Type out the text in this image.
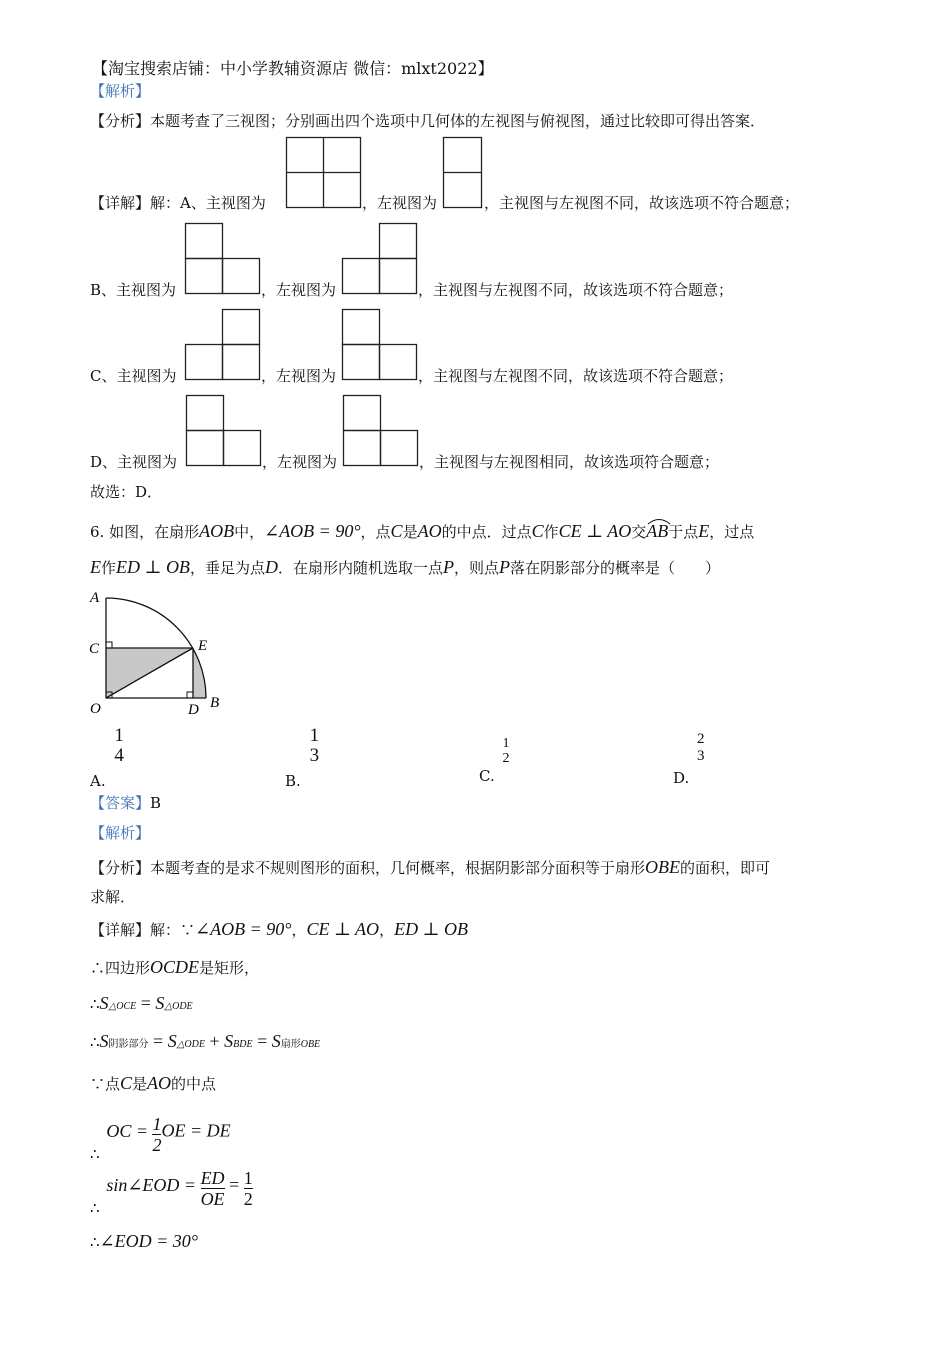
【淘宝搜索店铺：中小学教辅资源店 微信：mlxt2022】
【解析】
【分析】本题考查了三视图；分别画出四个选项中几何体的左视图与俯视图，通过比较即可得出答案．
【详解】解：A、主视图为	，左视图为	，主视图与左视图不同，故该选项不符合题意；
B、主视图为	，左视图为	，主视图与左视图不同，故该选项不符合题意；
C、主视图为	，左视图为	，主视图与左视图不同，故该选项不符合题意；
D、主视图为	，左视图为	，主视图与左视图相同，故该选项符合题意；
故选：D．
6. 如图，在扇形AOB中，∠AOB = 90°，点C是AO的中点．过点C作CE ⊥ AO交AB
于点E，过点
E作ED ⊥ OB，垂足为点D．在扇形内随机选取一点P，则点P落在阴影部分的概率是（　　）
A
C	E
O	D B
A.
1
4
B.
1
3
C.
1
2
D.
2
3
【答案】B
【解析】
【分析】本题考查的是求不规则图形的面积，几何概率，根据阴影部分面积等于扇形OBE的面积，即可
求解．
【详解】解：∵∠AOB = 90°，CE ⊥ AO，ED ⊥ OB
∴四边形OCDE是矩形，
∴S△OCE = S△ODE
∴S阴影部分 = S△ODE + SBDE = S扇形OBE
∵点C是AO的中点
∴ OC = $\frac{1}{2}$ OE = DE
∴ sin∠EOD = $\frac{ED}{OE} = \frac{1}{2}$
∴∠EOD = 30°
